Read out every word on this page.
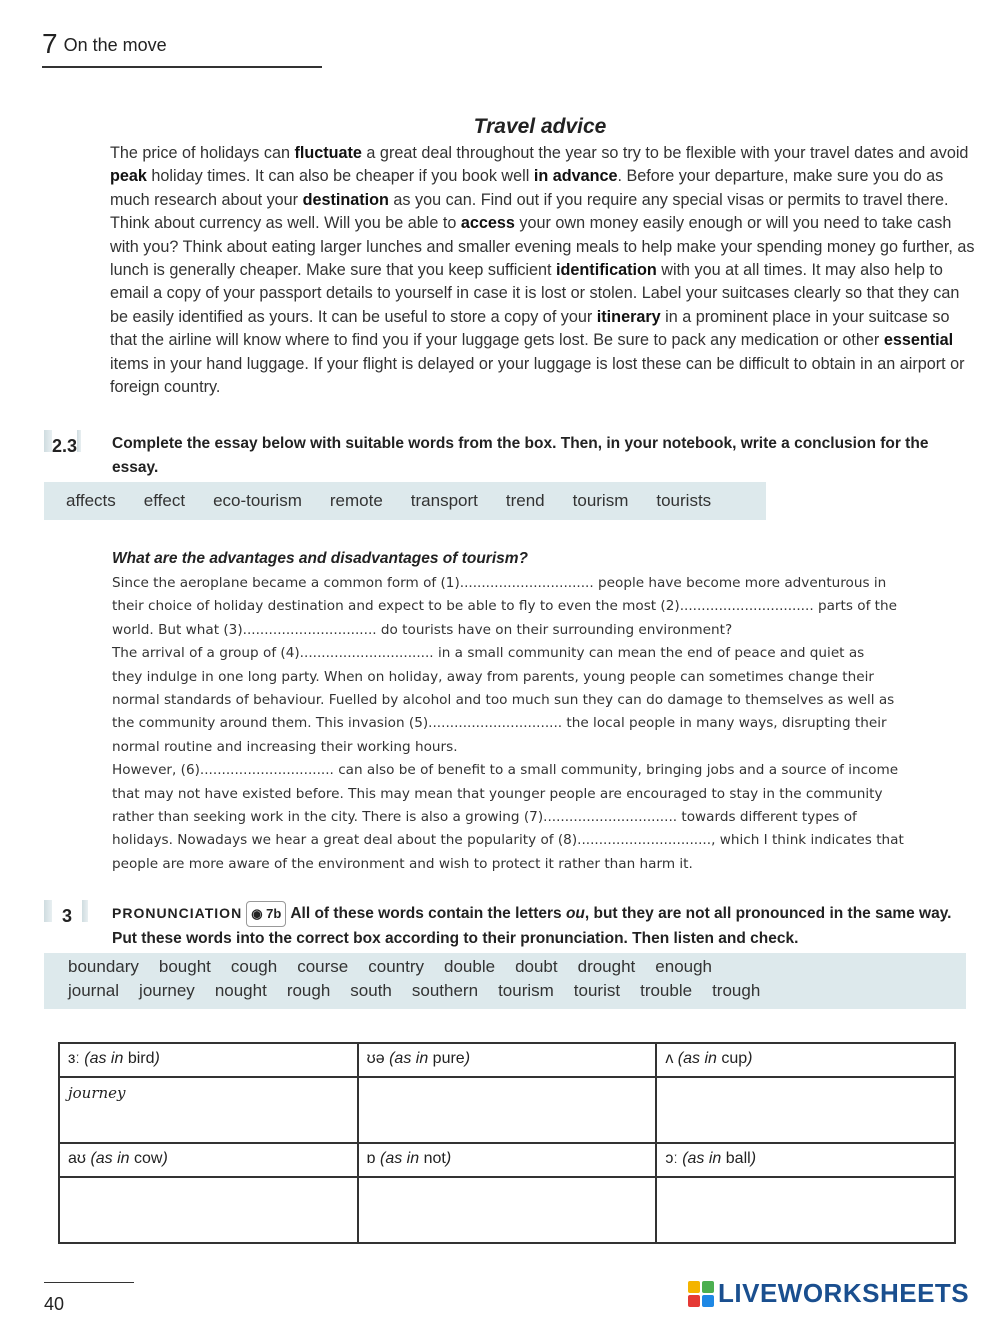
7 On the move
Travel advice
The price of holidays can fluctuate a great deal throughout the year so try to be flexible with your travel dates and avoid peak holiday times. It can also be cheaper if you book well in advance. Before your departure, make sure you do as much research about your destination as you can. Find out if you require any special visas or permits to travel there. Think about currency as well. Will you be able to access your own money easily enough or will you need to take cash with you? Think about eating larger lunches and smaller evening meals to help make your spending money go further, as lunch is generally cheaper. Make sure that you keep sufficient identification with you at all times. It may also help to email a copy of your passport details to yourself in case it is lost or stolen. Label your suitcases clearly so that they can be easily identified as yours. It can be useful to store a copy of your itinerary in a prominent place in your suitcase so that the airline will know where to find you if your luggage gets lost. Be sure to pack any medication or other essential items in your hand luggage. If your flight is delayed or your luggage is lost these can be difficult to obtain in an airport or foreign country.
2.3 Complete the essay below with suitable words from the box. Then, in your notebook, write a conclusion for the essay.
affects effect eco-tourism remote transport trend tourism tourists
What are the advantages and disadvantages of tourism?
Since the aeroplane became a common form of (1)............................... people have become more adventurous in
their choice of holiday destination and expect to be able to fly to even the most (2)............................... parts of the
world. But what (3)............................... do tourists have on their surrounding environment?
The arrival of a group of (4)............................... in a small community can mean the end of peace and quiet as
they indulge in one long party. When on holiday, away from parents, young people can sometimes change their
normal standards of behaviour. Fuelled by alcohol and too much sun they can do damage to themselves as well as
the community around them. This invasion (5)............................... the local people in many ways, disrupting their
normal routine and increasing their working hours.
However, (6)............................... can also be of benefit to a small community, bringing jobs and a source of income
that may not have existed before. This may mean that younger people are encouraged to stay in the community
rather than seeking work in the city. There is also a growing (7)............................... towards different types of
holidays. Nowadays we hear a great deal about the popularity of (8)..............................., which I think indicates that
people are more aware of the environment and wish to protect it rather than harm it.
3	PRONUNCIATION ◉ 7b All of these words contain the letters ou, but they are not all pronounced in the same way. Put these words into the correct box according to their pronunciation. Then listen and check.
boundary bought cough course country double doubt drought enough
journal journey nought rough south southern tourism tourist trouble trough
ɜː (as in bird)	ʊə (as in pure)	ʌ (as in cup)
journey		
aʊ (as in cow)	ɒ (as in not)	ɔː (as in ball)

40	LIVEWORKSHEETS
